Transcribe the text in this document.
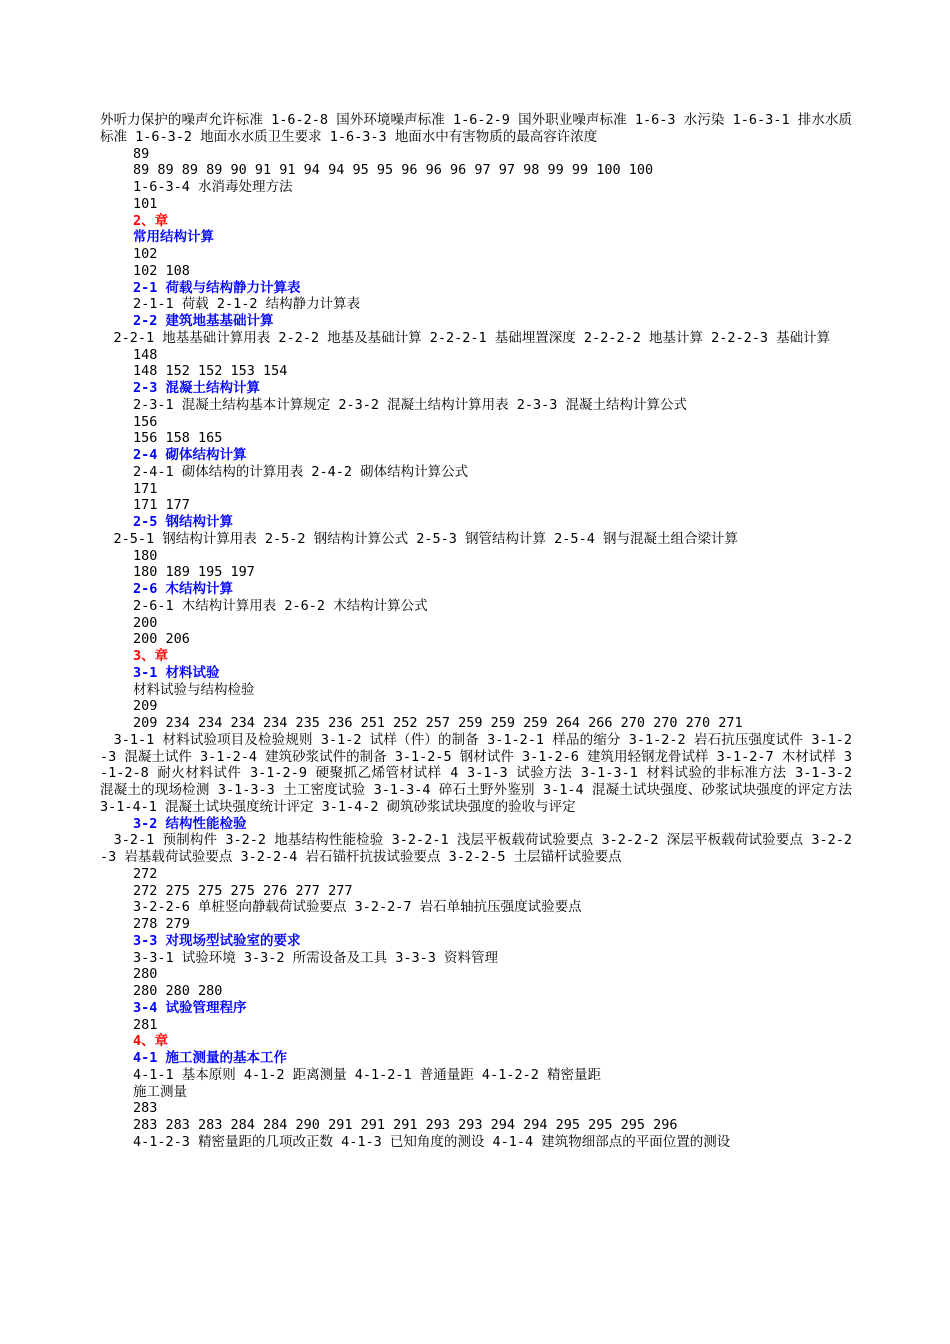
外听力保护的噪声允许标准 1-6-2-8 国外环境噪声标准 1-6-2-9 国外职业噪声标准 1-6-3 水污染 1-6-3-1 排水水质标准 1-6-3-2 地面水水质卫生要求 1-6-3-3 地面水中有害物质的最高容许浓度
89
89 89 89 89 90 91 91 94 94 95 95 96 96 96 97 97 98 99 99 100 100
1-6-3-4 水消毒处理方法
101
2、章
常用结构计算
102
102 108
2-1 荷载与结构静力计算表
2-1-1 荷载 2-1-2 结构静力计算表
2-2 建筑地基基础计算
　2-2-1 地基基础计算用表 2-2-2 地基及基础计算 2-2-2-1 基础埋置深度 2-2-2-2 地基计算 2-2-2-3 基础计算
148
148 152 152 153 154
2-3 混凝土结构计算
2-3-1 混凝土结构基本计算规定 2-3-2 混凝土结构计算用表 2-3-3 混凝土结构计算公式
156
156 158 165
2-4 砌体结构计算
2-4-1 砌体结构的计算用表 2-4-2 砌体结构计算公式
171
171 177
2-5 钢结构计算
　2-5-1 钢结构计算用表 2-5-2 钢结构计算公式 2-5-3 钢管结构计算 2-5-4 钢与混凝土组合梁计算
180
180 189 195 197
2-6 木结构计算
2-6-1 木结构计算用表 2-6-2 木结构计算公式
200
200 206
3、章
3-1 材料试验
材料试验与结构检验
209
209 234 234 234 234 235 236 251 252 257 259 259 259 264 266 270 270 270 271
　3-1-1 材料试验项目及检验规则 3-1-2 试样（件）的制备 3-1-2-1 样品的缩分 3-1-2-2 岩石抗压强度试件 3-1-2-3 混凝土试件 3-1-2-4 建筑砂浆试件的制备 3-1-2-5 钢材试件 3-1-2-6 建筑用轻钢龙骨试样 3-1-2-7 木材试样 3-1-2-8 耐火材料试件 3-1-2-9 硬聚抓乙烯管材试样 4 3-1-3 试验方法 3-1-3-1 材料试验的非标准方法 3-1-3-2 混凝土的现场检测 3-1-3-3 土工密度试验 3-1-3-4 碎石土野外鉴别 3-1-4 混凝土试块强度、砂浆试块强度的评定方法 3-1-4-1 混凝土试块强度统计评定 3-1-4-2 砌筑砂浆试块强度的验收与评定
3-2 结构性能检验
　3-2-1 预制构件 3-2-2 地基结构性能检验 3-2-2-1 浅层平板载荷试验要点 3-2-2-2 深层平板载荷试验要点 3-2-2-3 岩基载荷试验要点 3-2-2-4 岩石锚杆抗拔试验要点 3-2-2-5 土层锚杆试验要点
272
272 275 275 275 276 277 277
3-2-2-6 单桩竖向静载荷试验要点 3-2-2-7 岩石单轴抗压强度试验要点
278 279
3-3 对现场型试验室的要求
3-3-1 试验环境 3-3-2 所需设备及工具 3-3-3 资料管理
280
280 280 280
3-4 试验管理程序
281
4、章
4-1 施工测量的基本工作
4-1-1 基本原则 4-1-2 距离测量 4-1-2-1 普通量距 4-1-2-2 精密量距
施工测量
283
283 283 283 284 284 290 291 291 291 293 293 294 294 295 295 295 296
4-1-2-3 精密量距的几项改正数 4-1-3 已知角度的测设 4-1-4 建筑物细部点的平面位置的测设
